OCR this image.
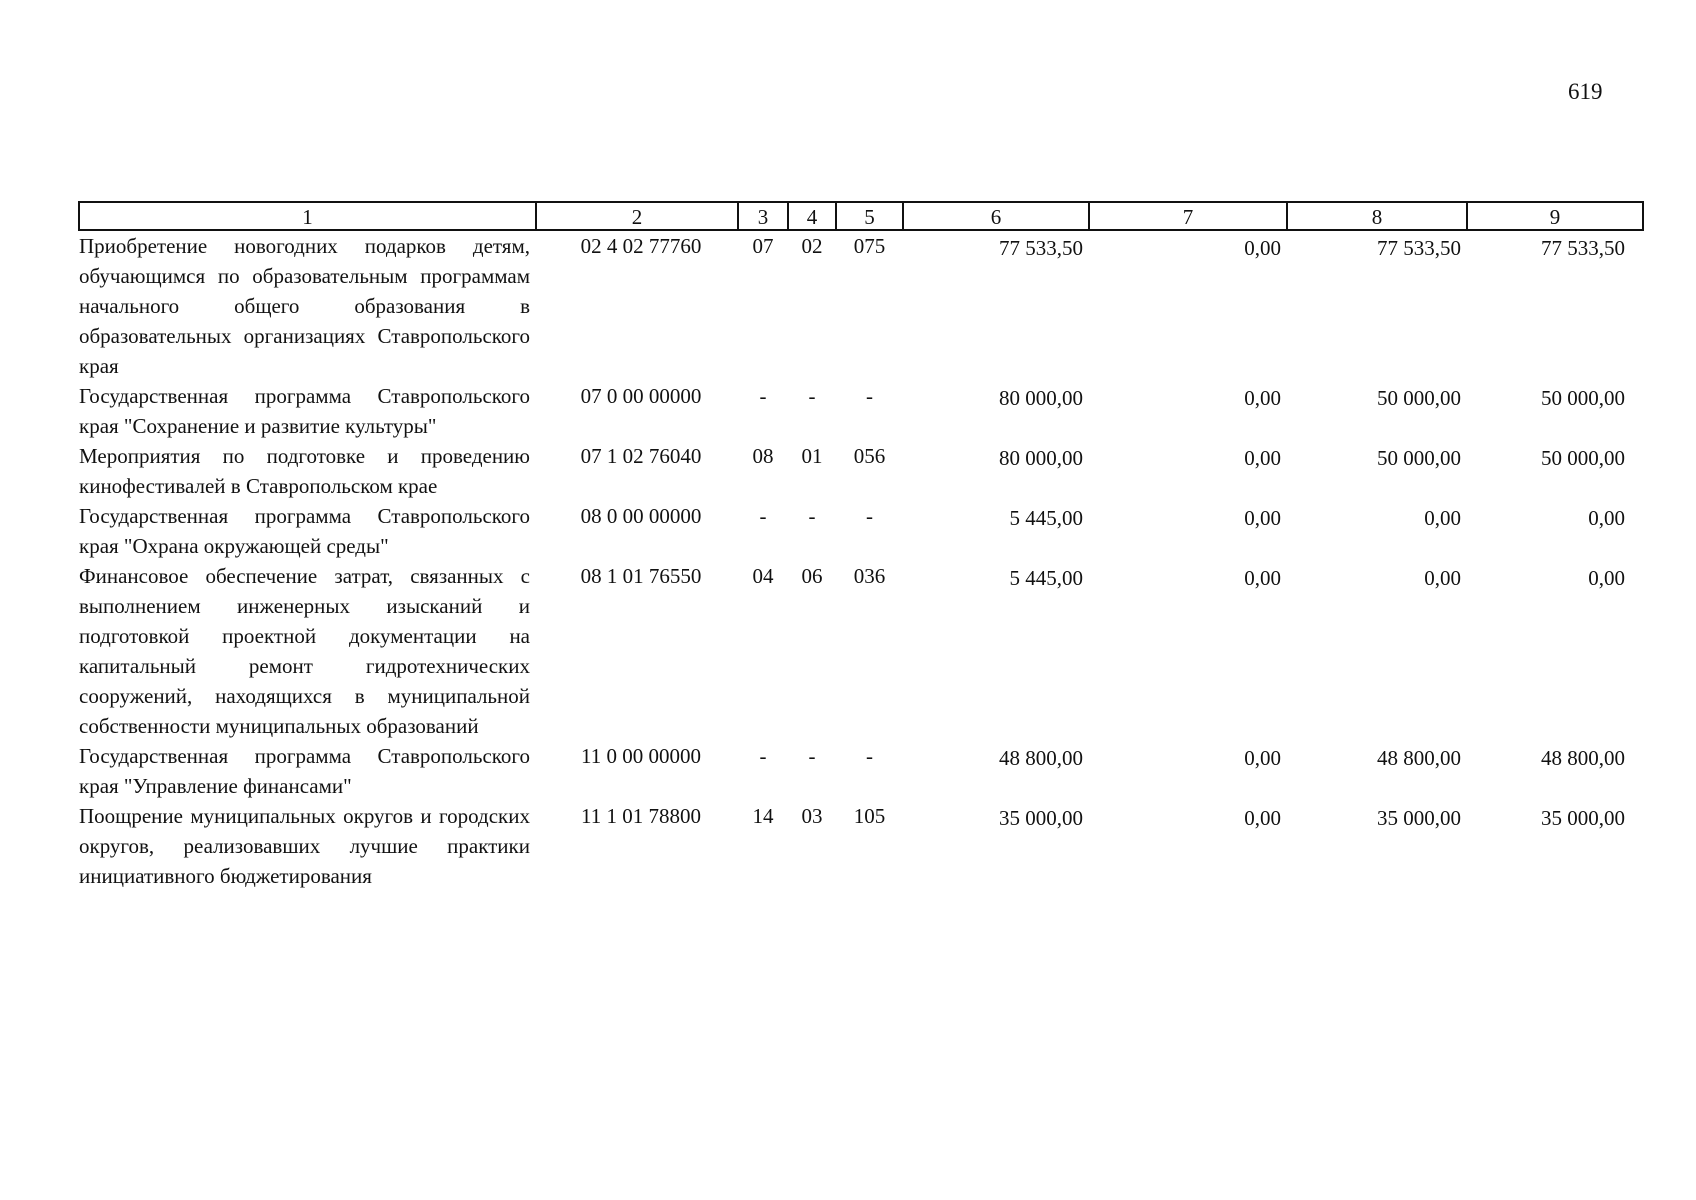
619
1	2	3	4	5	6	7	8	9
Приобретение новогодних подарков детям, обучающимся по образовательным программам начального общего образования в образовательных организациях Ставропольского края	02 4 02 77760	07	02	075	77 533,50	0,00	77 533,50	77 533,50
Государственная программа Ставропольского края "Сохранение и развитие культуры"	07 0 00 00000	-	-	-	80 000,00	0,00	50 000,00	50 000,00
Мероприятия по подготовке и проведению кинофестивалей в Ставропольском крае	07 1 02 76040	08	01	056	80 000,00	0,00	50 000,00	50 000,00
Государственная программа Ставропольского края "Охрана окружающей среды"	08 0 00 00000	-	-	-	5 445,00	0,00	0,00	0,00
Финансовое обеспечение затрат, связанных с выполнением инженерных изысканий и подготовкой проектной документации на капитальный ремонт гидротехнических сооружений, находящихся в муниципальной собственности муниципальных образований	08 1 01 76550	04	06	036	5 445,00	0,00	0,00	0,00
Государственная программа Ставропольского края "Управление финансами"	11 0 00 00000	-	-	-	48 800,00	0,00	48 800,00	48 800,00
Поощрение муниципальных округов и городских округов, реализовавших лучшие практики инициативного бюджетирования	11 1 01 78800	14	03	105	35 000,00	0,00	35 000,00	35 000,00
